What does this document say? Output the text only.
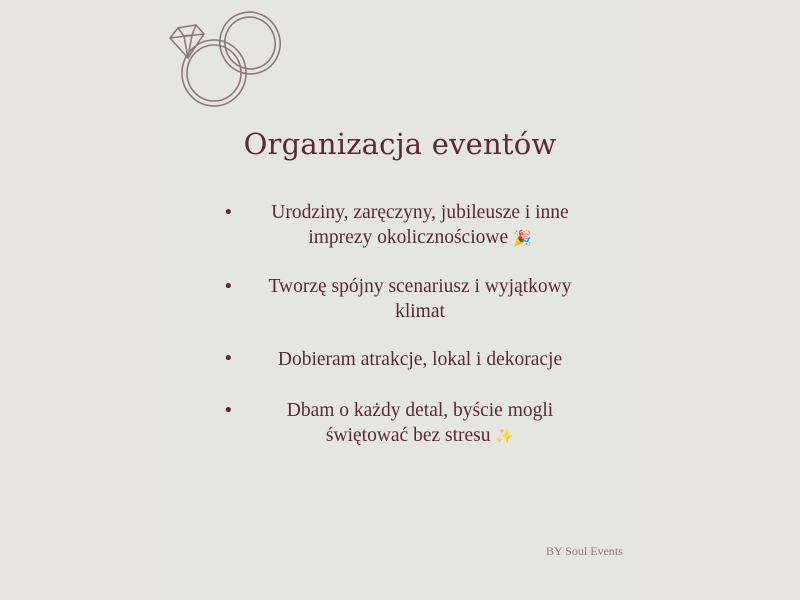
Organizacja eventów
•	Urodziny, zaręczyny, jubileusze i inne imprezy okolicznościowe 🎉
•	Tworzę spójny scenariusz i wyjątkowy klimat
•	Dobieram atrakcje, lokal i dekoracje
•	Dbam o każdy detal, byście mogli świętować bez stresu ✨
BY Soul Events
